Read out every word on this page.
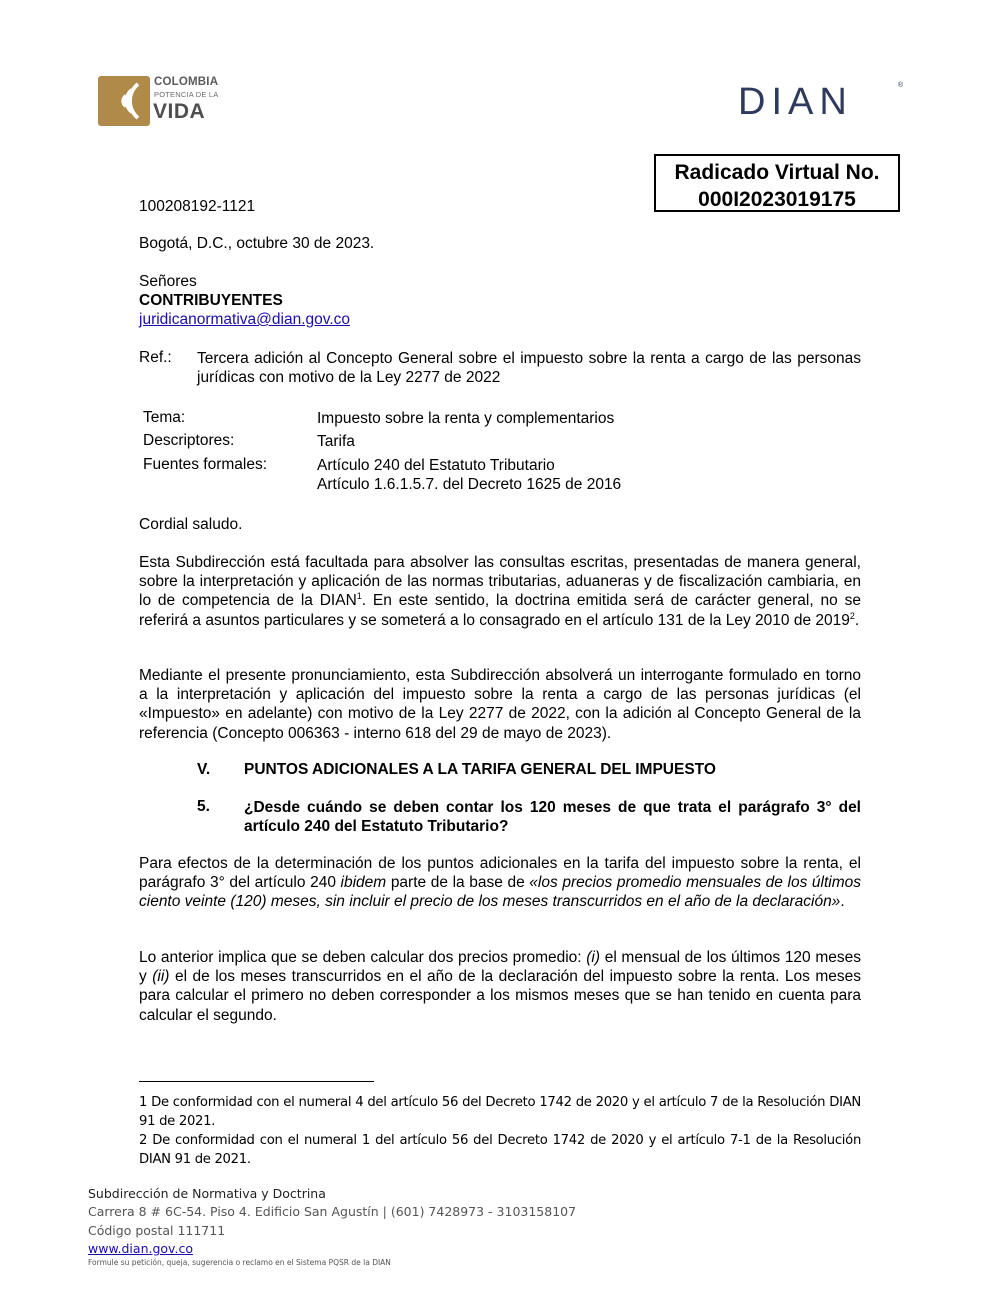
COLOMBIA
POTENCIA DE LA
VIDA	DIAN	®
Radicado Virtual No.
000I2023019175
100208192-1121
Bogotá, D.C., octubre 30 de 2023.
Señores
CONTRIBUYENTES
juridicanormativa@dian.gov.co
Ref.: Tercera adición al Concepto General sobre el impuesto sobre la renta a cargo de las personas jurídicas con motivo de la Ley 2277 de 2022
Tema:	Impuesto sobre la renta y complementarios
Descriptores:	Tarifa
Fuentes formales:	Artículo 240 del Estatuto Tributario
Artículo 1.6.1.5.7. del Decreto 1625 de 2016
Cordial saludo.
Esta Subdirección está facultada para absolver las consultas escritas, presentadas de manera general, sobre la interpretación y aplicación de las normas tributarias, aduaneras y de fiscalización cambiaria, en lo de competencia de la DIAN$^1$. En este sentido, la doctrina emitida será de carácter general, no se referirá a asuntos particulares y se someterá a lo consagrado en el artículo 131 de la Ley 2010 de 2019$^2$.
Mediante el presente pronunciamiento, esta Subdirección absolverá un interrogante formulado en torno a la interpretación y aplicación del impuesto sobre la renta a cargo de las personas jurídicas (el «Impuesto» en adelante) con motivo de la Ley 2277 de 2022, con la adición al Concepto General de la referencia (Concepto 006363 - interno 618 del 29 de mayo de 2023).
V. PUNTOS ADICIONALES A LA TARIFA GENERAL DEL IMPUESTO
5. ¿Desde cuándo se deben contar los 120 meses de que trata el parágrafo 3° del artículo 240 del Estatuto Tributario?
Para efectos de la determinación de los puntos adicionales en la tarifa del impuesto sobre la renta, el parágrafo 3° del artículo 240 ibidem parte de la base de «los precios promedio mensuales de los últimos ciento veinte (120) meses, sin incluir el precio de los meses transcurridos en el año de la declaración».
Lo anterior implica que se deben calcular dos precios promedio: (i) el mensual de los últimos 120 meses y (ii) el de los meses transcurridos en el año de la declaración del impuesto sobre la renta. Los meses para calcular el primero no deben corresponder a los mismos meses que se han tenido en cuenta para calcular el segundo.
1 De conformidad con el numeral 4 del artículo 56 del Decreto 1742 de 2020 y el artículo 7 de la Resolución DIAN 91 de 2021.
2 De conformidad con el numeral 1 del artículo 56 del Decreto 1742 de 2020 y el artículo 7-1 de la Resolución DIAN 91 de 2021.
Subdirección de Normativa y Doctrina
Carrera 8 # 6C-54. Piso 4. Edificio San Agustín | (601) 7428973 - 3103158107
Código postal 111711
www.dian.gov.co
Formule su petición, queja, sugerencia o reclamo en el Sistema PQSR de la DIAN
